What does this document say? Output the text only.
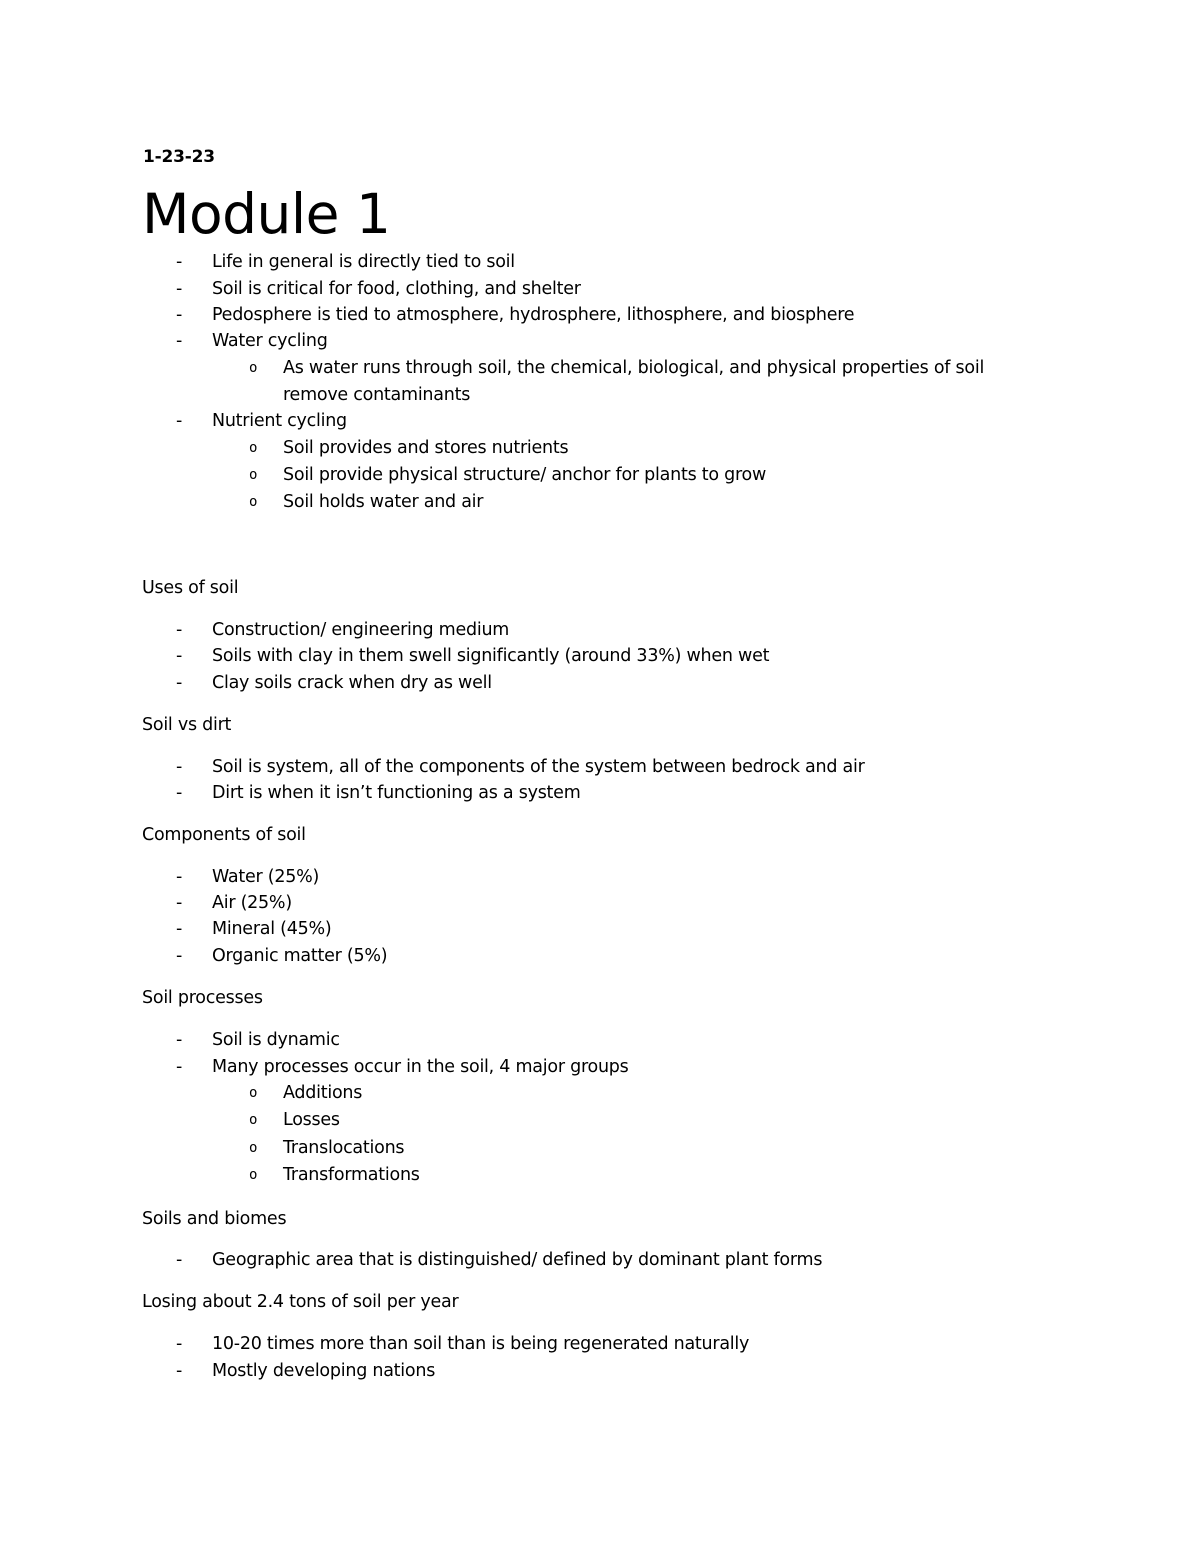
1-23-23
Module 1
- Life in general is directly tied to soil
- Soil is critical for food, clothing, and shelter
- Pedosphere is tied to atmosphere, hydrosphere, lithosphere, and biosphere
- Water cycling
o As water runs through soil, the chemical, biological, and physical properties of soil
remove contaminants
- Nutrient cycling
o Soil provides and stores nutrients
o Soil provide physical structure/ anchor for plants to grow
o Soil holds water and air
Uses of soil
- Construction/ engineering medium
- Soils with clay in them swell significantly (around 33%) when wet
- Clay soils crack when dry as well
Soil vs dirt
- Soil is system, all of the components of the system between bedrock and air
- Dirt is when it isn’t functioning as a system
Components of soil
- Water (25%)
- Air (25%)
- Mineral (45%)
- Organic matter (5%)
Soil processes
- Soil is dynamic
- Many processes occur in the soil, 4 major groups
o Additions
o Losses
o Translocations
o Transformations
Soils and biomes
- Geographic area that is distinguished/ defined by dominant plant forms
Losing about 2.4 tons of soil per year
- 10-20 times more than soil than is being regenerated naturally
- Mostly developing nations
